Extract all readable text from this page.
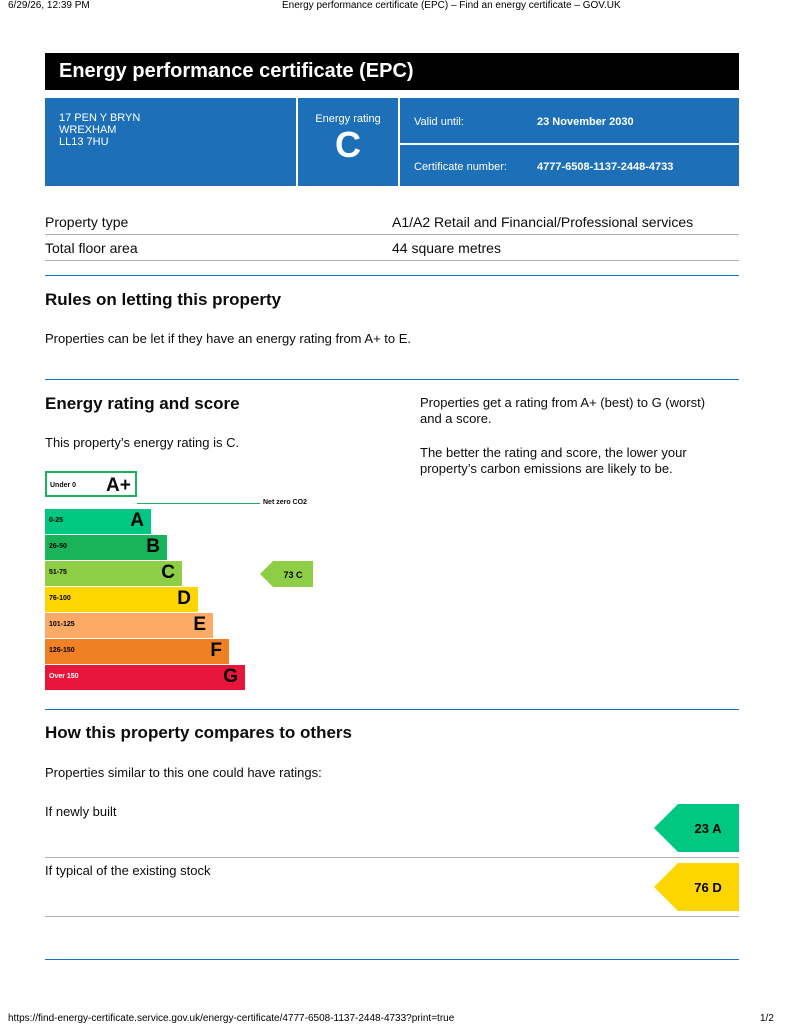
6/29/26, 12:39 PM	Energy performance certificate (EPC) – Find an energy certificate – GOV.UK
Energy performance certificate (EPC)
17 PEN Y BRYN
WREXHAM
LL13 7HU
Energy rating
C
Valid until:	23 November 2030
Certificate number:	4777-6508-1137-2448-4733
Property type	A1/A2 Retail and Financial/Professional services
Total floor area	44 square metres
Rules on letting this property
Properties can be let if they have an energy rating from A+ to E.
Energy rating and score
This property’s energy rating is C.
Properties get a rating from A+ (best) to G (worst) and a score.
The better the rating and score, the lower your property’s carbon emissions are likely to be.
Under 0 A+
0-25	A
26-50	B
51-75	C
76-100	D
101-125	E
126-150	F
Over 150	G
Net zero CO2
73 C
How this property compares to others
Properties similar to this one could have ratings:
If newly built
23 A
If typical of the existing stock
76 D
https://find-energy-certificate.service.gov.uk/energy-certificate/4777-6508-1137-2448-4733?print=true	1/2
